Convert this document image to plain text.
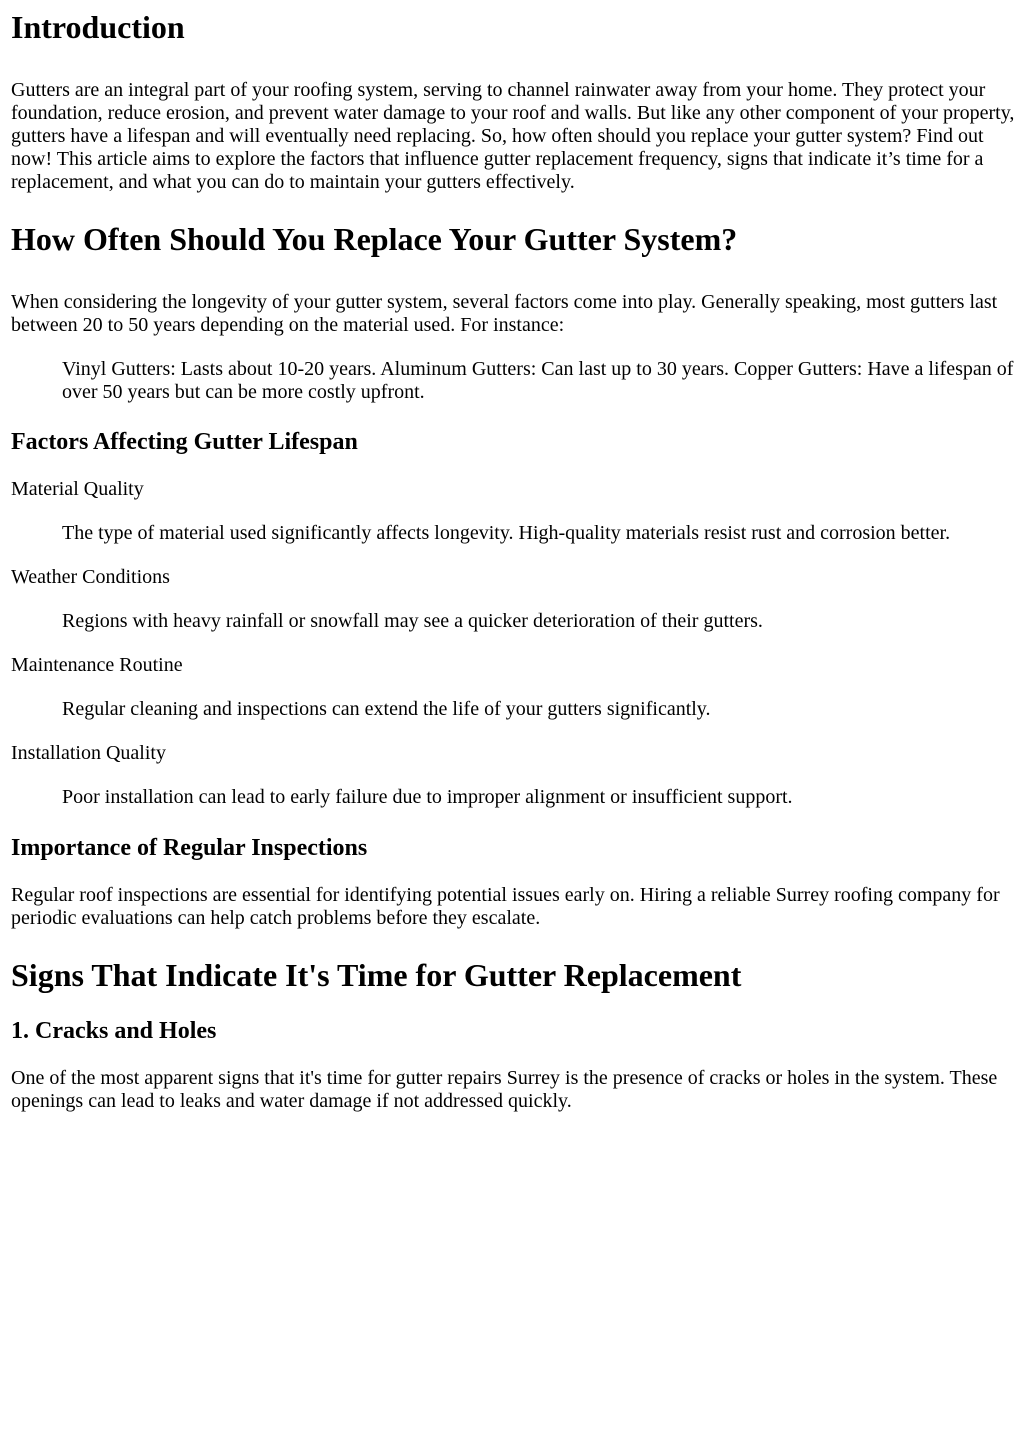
Introduction

Gutters are an integral part of your roofing system, serving to channel rainwater away from your home. They protect your foundation, reduce erosion, and prevent water damage to your roof and walls. But like any other component of your property, gutters have a lifespan and will eventually need replacing. So, how often should you replace your gutter system? Find out now! This article aims to explore the factors that influence gutter replacement frequency, signs that indicate it’s time for a replacement, and what you can do to maintain your gutters effectively.

How Often Should You Replace Your Gutter System?

When considering the longevity of your gutter system, several factors come into play. Generally speaking, most gutters last between 20 to 50 years depending on the material used. For instance:

Vinyl Gutters: Lasts about 10-20 years. Aluminum Gutters: Can last up to 30 years. Copper Gutters: Have a lifespan of over 50 years but can be more costly upfront.
Factors Affecting Gutter Lifespan

Material Quality

The type of material used significantly affects longevity. High-quality materials resist rust and corrosion better.

Weather Conditions

Regions with heavy rainfall or snowfall may see a quicker deterioration of their gutters.

Maintenance Routine

Regular cleaning and inspections can extend the life of your gutters significantly.

Installation Quality

Poor installation can lead to early failure due to improper alignment or insufficient support.
Importance of Regular Inspections

Regular roof inspections are essential for identifying potential issues early on. Hiring a reliable Surrey roofing company for periodic evaluations can help catch problems before they escalate.

Signs That Indicate It's Time for Gutter Replacement
1. Cracks and Holes

One of the most apparent signs that it's time for gutter repairs Surrey is the presence of cracks or holes in the system. These openings can lead to leaks and water damage if not addressed quickly.
